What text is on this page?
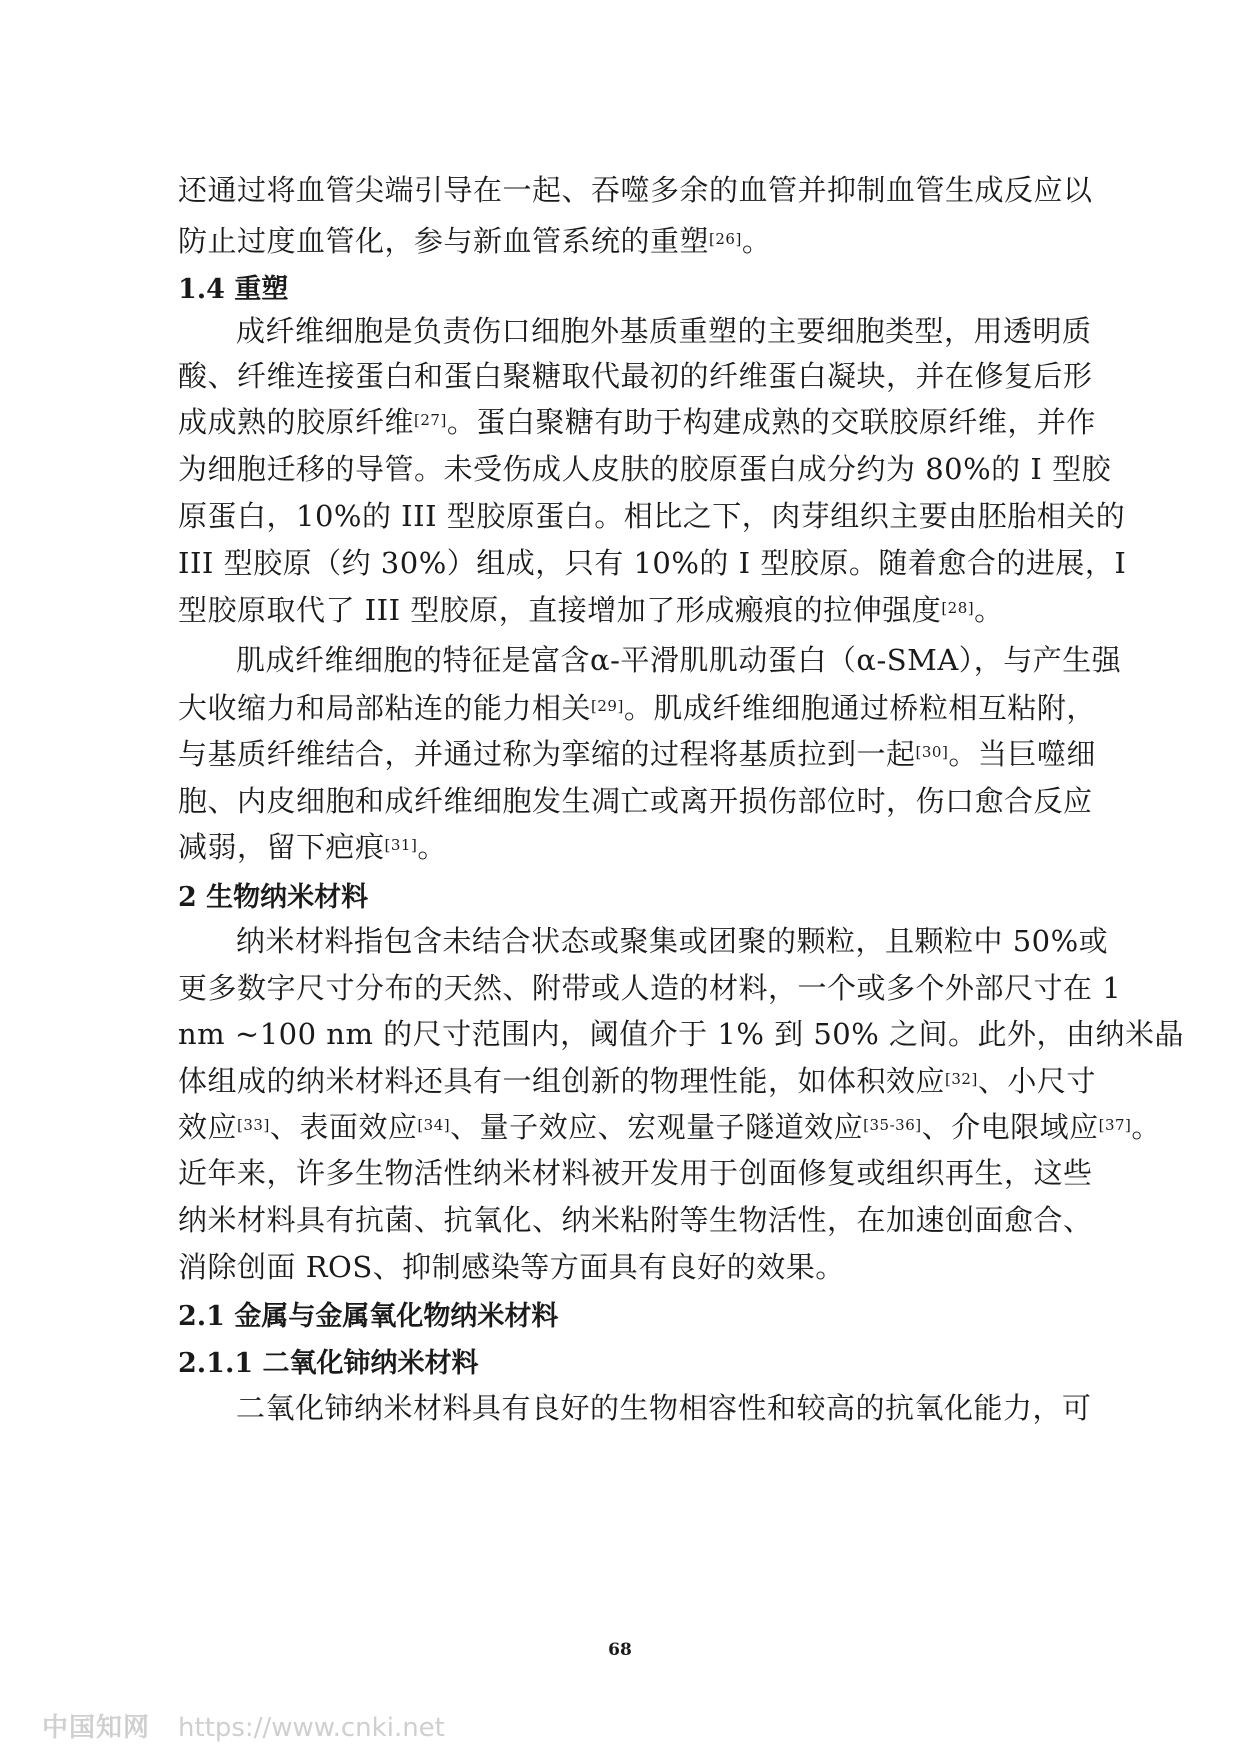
还通过将血管尖端引导在一起、吞噬多余的血管并抑制血管生成反应以
防止过度血管化，参与新血管系统的重塑[26]。
1.4 重塑
成纤维细胞是负责伤口细胞外基质重塑的主要细胞类型，用透明质
酸、纤维连接蛋白和蛋白聚糖取代最初的纤维蛋白凝块，并在修复后形
成成熟的胶原纤维[27]。蛋白聚糖有助于构建成熟的交联胶原纤维，并作
为细胞迁移的导管。未受伤成人皮肤的胶原蛋白成分约为 80%的 I 型胶
原蛋白，10%的 III 型胶原蛋白。相比之下，肉芽组织主要由胚胎相关的
III 型胶原（约 30%）组成，只有 10%的 I 型胶原。随着愈合的进展，I
型胶原取代了 III 型胶原，直接增加了形成瘢痕的拉伸强度[28]。
肌成纤维细胞的特征是富含α-平滑肌肌动蛋白（α-SMA），与产生强
大收缩力和局部粘连的能力相关[29]。肌成纤维细胞通过桥粒相互粘附，
与基质纤维结合，并通过称为挛缩的过程将基质拉到一起[30]。当巨噬细
胞、内皮细胞和成纤维细胞发生凋亡或离开损伤部位时，伤口愈合反应
减弱，留下疤痕[31]。
2 生物纳米材料
纳米材料指包含未结合状态或聚集或团聚的颗粒，且颗粒中 50%或
更多数字尺寸分布的天然、附带或人造的材料，一个或多个外部尺寸在 1
nm ~100 nm 的尺寸范围内，阈值介于 1% 到 50% 之间。此外，由纳米晶
体组成的纳米材料还具有一组创新的物理性能，如体积效应[32]、小尺寸
效应[33]、表面效应[34]、量子效应、宏观量子隧道效应[35-36]、介电限域应[37]。
近年来，许多生物活性纳米材料被开发用于创面修复或组织再生，这些
纳米材料具有抗菌、抗氧化、纳米粘附等生物活性，在加速创面愈合、
消除创面 ROS、抑制感染等方面具有良好的效果。
2.1 金属与金属氧化物纳米材料
2.1.1 二氧化铈纳米材料
二氧化铈纳米材料具有良好的生物相容性和较高的抗氧化能力，可
68
中国知网 https://www.cnki.net
